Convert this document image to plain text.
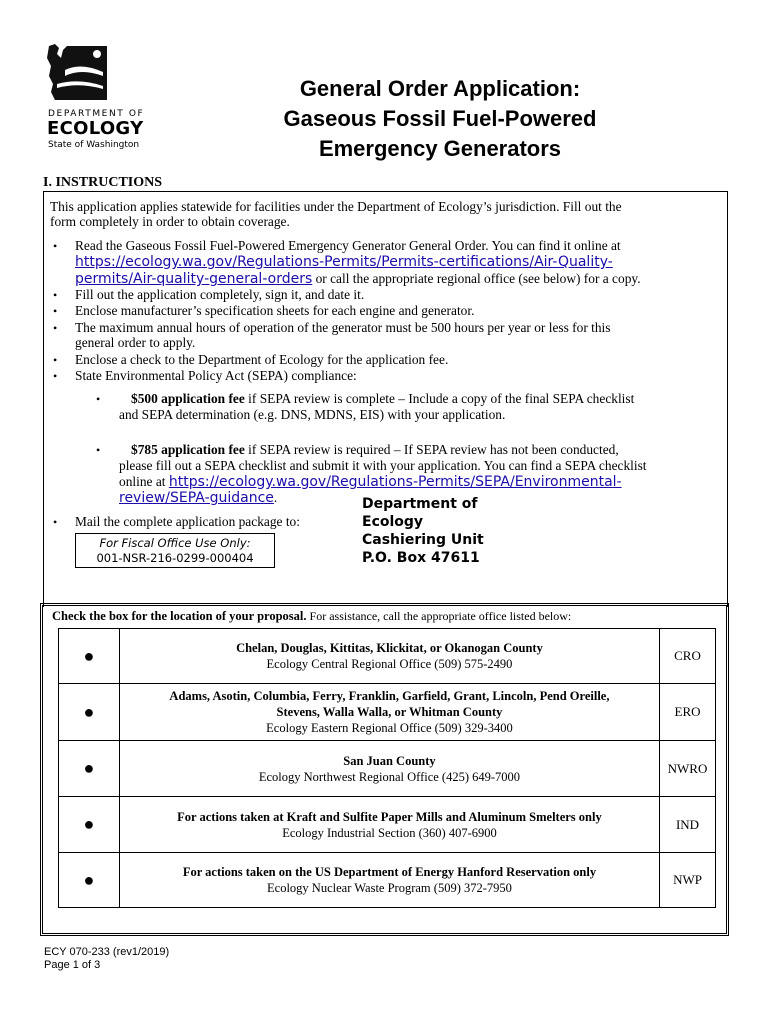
DEPARTMENT OF
ECOLOGY
State of Washington
General Order Application:
Gaseous Fossil Fuel-Powered
Emergency Generators
I. INSTRUCTIONS
This application applies statewide for facilities under the Department of Ecology’s jurisdiction. Fill out the
form completely in order to obtain coverage.
• Read the Gaseous Fossil Fuel-Powered Emergency Generator General Order. You can find it online at
https://ecology.wa.gov/Regulations-Permits/Permits-certifications/Air-Quality-
permits/Air-quality-general-orders or call the appropriate regional office (see below) for a copy.
• Fill out the application completely, sign it, and date it.
• Enclose manufacturer’s specification sheets for each engine and generator.
• The maximum annual hours of operation of the generator must be 500 hours per year or less for this
general order to apply.
• Enclose a check to the Department of Ecology for the application fee.
• State Environmental Policy Act (SEPA) compliance:
• $500 application fee if SEPA review is complete – Include a copy of the final SEPA checklist
and SEPA determination (e.g. DNS, MDNS, EIS) with your application.
• $785 application fee if SEPA review is required – If SEPA review has not been conducted,
please fill out a SEPA checklist and submit it with your application. You can find a SEPA checklist
online at https://ecology.wa.gov/Regulations-Permits/SEPA/Environmental-
review/SEPA-guidance.
• Mail the complete application package to:
Department of
Ecology
Cashiering Unit
P.O. Box 47611
For Fiscal Office Use Only:
001-NSR-216-0299-000404
Check the box for the location of your proposal. For assistance, call the appropriate office listed below:
●	Chelan, Douglas, Kittitas, Klickitat, or Okanogan County
Ecology Central Regional Office (509) 575-2490	CRO
●	Adams, Asotin, Columbia, Ferry, Franklin, Garfield, Grant, Lincoln, Pend Oreille,
Stevens, Walla Walla, or Whitman County
Ecology Eastern Regional Office (509) 329-3400	ERO
●	San Juan County
Ecology Northwest Regional Office (425) 649-7000	NWRO
●	For actions taken at Kraft and Sulfite Paper Mills and Aluminum Smelters only
Ecology Industrial Section (360) 407-6900	IND
●	For actions taken on the US Department of Energy Hanford Reservation only
Ecology Nuclear Waste Program (509) 372-7950	NWP
ECY 070-233 (rev1/2019)
Page 1 of 3
